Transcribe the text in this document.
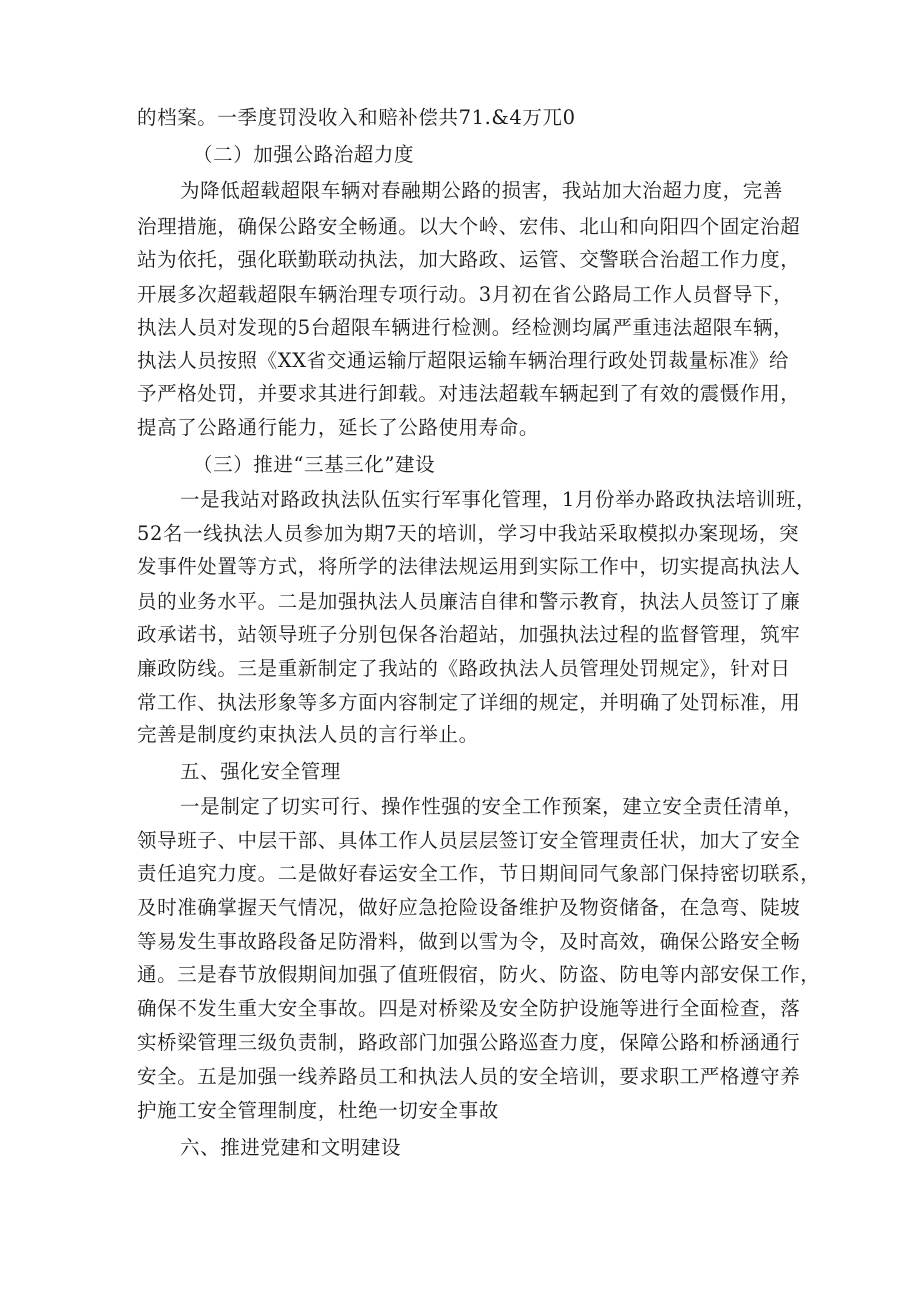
的档案。一季度罚没收入和赔补偿共71.&4万兀0
（二）加强公路治超力度
为降低超载超限车辆对春融期公路的损害，我站加大治超力度，完善
治理措施，确保公路安全畅通。以大个岭、宏伟、北山和向阳四个固定治超
站为依托，强化联勤联动执法，加大路政、运管、交警联合治超工作力度，
开展多次超载超限车辆治理专项行动。3月初在省公路局工作人员督导下，
执法人员对发现的5台超限车辆进行检测。经检测均属严重违法超限车辆，
执法人员按照《XX省交通运输厅超限运输车辆治理行政处罚裁量标准》给
予严格处罚，并要求其进行卸载。对违法超载车辆起到了有效的震慑作用，
提高了公路通行能力，延长了公路使用寿命。
（三）推进“三基三化”建设
一是我站对路政执法队伍实行军事化管理，1月份举办路政执法培训班，
52名一线执法人员参加为期7天的培训，学习中我站采取模拟办案现场，突
发事件处置等方式，将所学的法律法规运用到实际工作中，切实提高执法人
员的业务水平。二是加强执法人员廉洁自律和警示教育，执法人员签订了廉
政承诺书，站领导班子分别包保各治超站，加强执法过程的监督管理，筑牢
廉政防线。三是重新制定了我站的《路政执法人员管理处罚规定》，针对日
常工作、执法形象等多方面内容制定了详细的规定，并明确了处罚标准，用
完善是制度约束执法人员的言行举止。
五、强化安全管理
一是制定了切实可行、操作性强的安全工作预案，建立安全责任清单，
领导班子、中层干部、具体工作人员层层签订安全管理责任状，加大了安全
责任追究力度。二是做好春运安全工作，节日期间同气象部门保持密切联系，
及时准确掌握天气情况，做好应急抢险设备维护及物资储备，在急弯、陡坡
等易发生事故路段备足防滑料，做到以雪为令，及时高效，确保公路安全畅
通。三是春节放假期间加强了值班假宿，防火、防盗、防电等内部安保工作，
确保不发生重大安全事故。四是对桥梁及安全防护设施等进行全面检查，落
实桥梁管理三级负责制，路政部门加强公路巡查力度，保障公路和桥涵通行
安全。五是加强一线养路员工和执法人员的安全培训，要求职工严格遵守养
护施工安全管理制度，杜绝一切安全事故
六、推进党建和文明建设
